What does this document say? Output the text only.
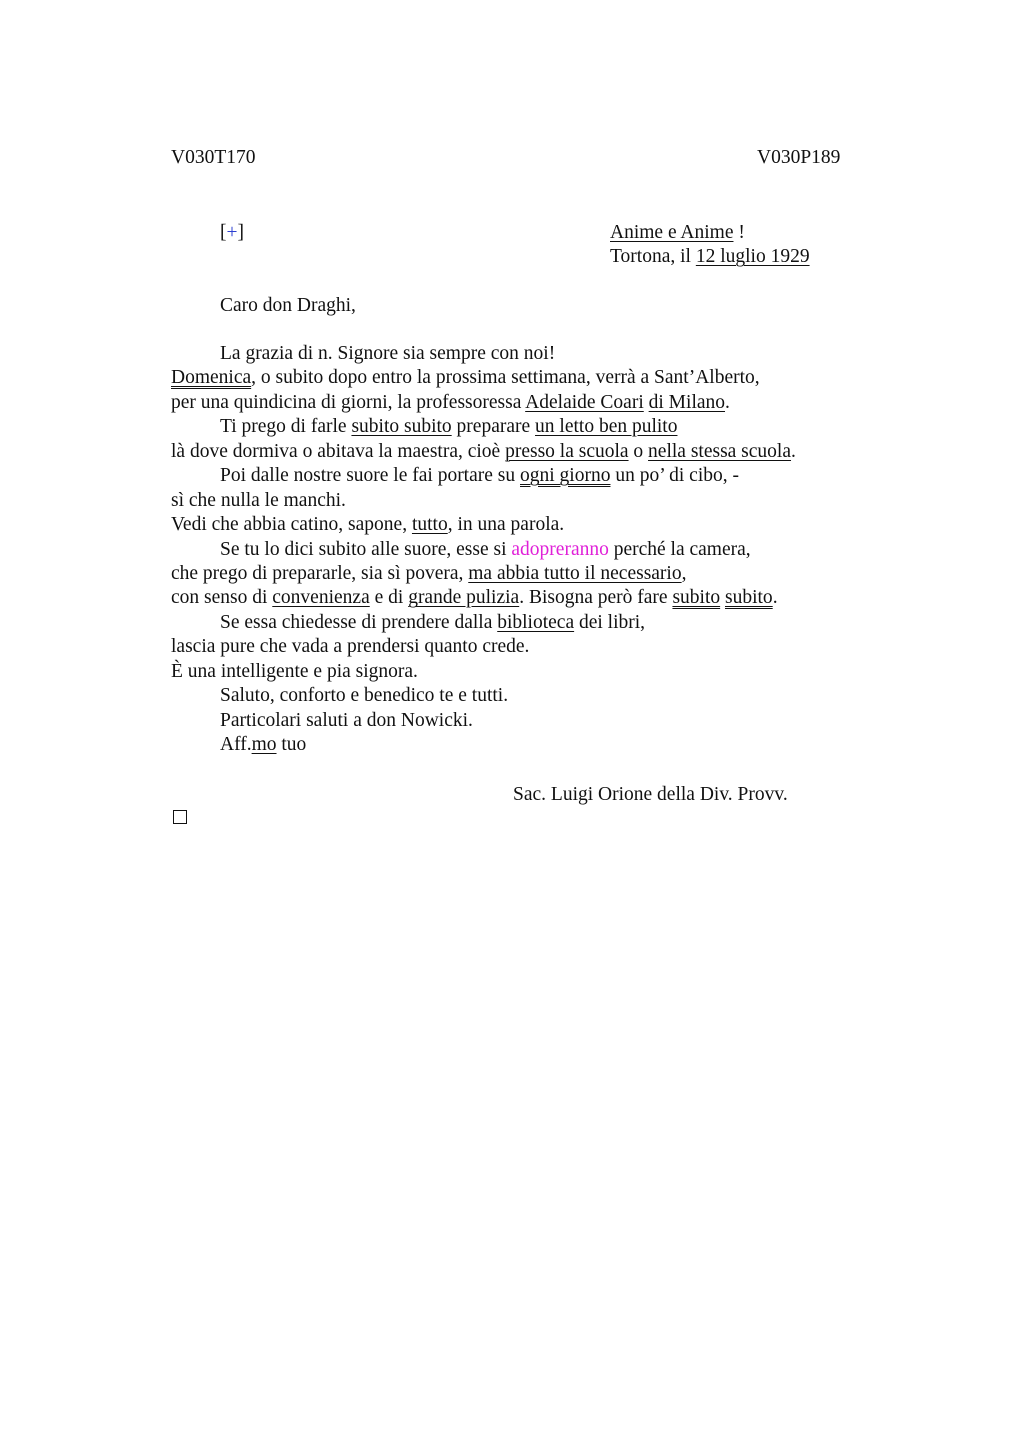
V030T170	V030P189
[+]	Anime e Anime !
Tortona, il 12 luglio 1929
Caro don Draghi,
La grazia di n. Signore sia sempre con noi!
Domenica, o subito dopo entro la prossima settimana, verrà a Sant’Alberto,
per una quindicina di giorni, la professoressa Adelaide Coari di Milano.
Ti prego di farle subito subito preparare un letto ben pulito
là dove dormiva o abitava la maestra, cioè presso la scuola o nella stessa scuola.
Poi dalle nostre suore le fai portare su ogni giorno un po’ di cibo, -
sì che nulla le manchi.
Vedi che abbia catino, sapone, tutto, in una parola.
Se tu lo dici subito alle suore, esse si adopreranno perché la camera,
che prego di prepararle, sia sì povera, ma abbia tutto il necessario,
con senso di convenienza e di grande pulizia. Bisogna però fare subito subito.
Se essa chiedesse di prendere dalla biblioteca dei libri,
lascia pure che vada a prendersi quanto crede.
È una intelligente e pia signora.
Saluto, conforto e benedico te e tutti.
Particolari saluti a don Nowicki.
Aff.mo tuo
Sac. Luigi Orione della Div. Provv.
